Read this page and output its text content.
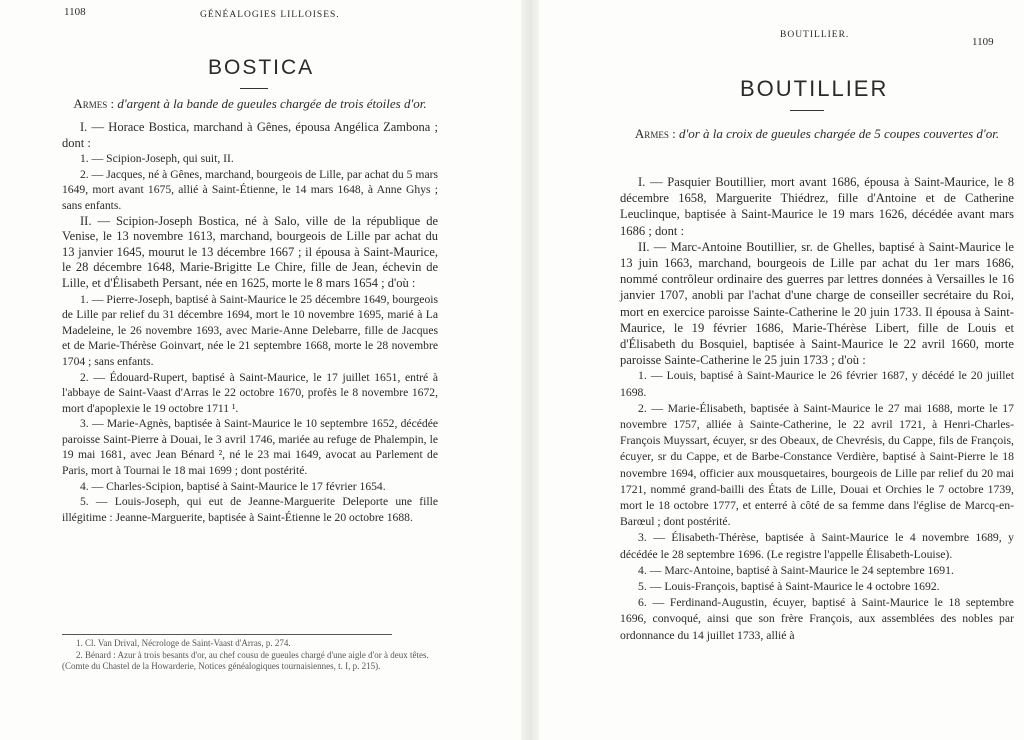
1108	GÉNÉALOGIES LILLOISES.
BOSTICA
Armes : d'argent à la bande de gueules chargée de trois étoiles d'or.

I. — Horace Bostica, marchand à Gênes, épousa Angélica Zambona ; dont :

1. — Scipion-Joseph, qui suit, II.

2. — Jacques, né à Gênes, marchand, bourgeois de Lille, par achat du 5 mars 1649, mort avant 1675, allié à Saint-Étienne, le 14 mars 1648, à Anne Ghys ; sans enfants.

II. — Scipion-Joseph Bostica, né à Salo, ville de la république de Venise, le 13 novembre 1613, marchand, bourgeois de Lille par achat du 13 janvier 1645, mourut le 13 décembre 1667 ; il épousa à Saint-Maurice, le 28 décembre 1648, Marie-Brigitte Le Chire, fille de Jean, échevin de Lille, et d'Élisabeth Persant, née en 1625, morte le 8 mars 1654 ; d'où :

1. — Pierre-Joseph, baptisé à Saint-Maurice le 25 décembre 1649, bourgeois de Lille par relief du 31 décembre 1694, mort le 10 novembre 1695, marié à La Madeleine, le 26 novembre 1693, avec Marie-Anne Delebarre, fille de Jacques et de Marie-Thérèse Goinvart, née le 21 septembre 1668, morte le 28 novembre 1704 ; sans enfants.

2. — Édouard-Rupert, baptisé à Saint-Maurice, le 17 juillet 1651, entré à l'abbaye de Saint-Vaast d'Arras le 22 octobre 1670, profès le 8 novembre 1672, mort d'apoplexie le 19 octobre 1711 ¹.

3. — Marie-Agnès, baptisée à Saint-Maurice le 10 septembre 1652, décédée paroisse Saint-Pierre à Douai, le 3 avril 1746, mariée au refuge de Phalempin, le 19 mai 1681, avec Jean Bénard ², né le 23 mai 1649, avocat au Parlement de Paris, mort à Tournai le 18 mai 1699 ; dont postérité.

4. — Charles-Scipion, baptisé à Saint-Maurice le 17 février 1654.

5. — Louis-Joseph, qui eut de Jeanne-Marguerite Deleporte une fille illégitime : Jeanne-Marguerite, baptisée à Saint-Étienne le 20 octobre 1688.

1. Cl. Van Drival, Nécrologe de Saint-Vaast d'Arras, p. 274.

2. Bénard : Azur à trois besants d'or, au chef cousu de gueules chargé d'une aigle d'or à deux têtes. (Comte du Chastel de la Howarderie, Notices généalogiques tournaisiennes, t. I, p. 215).

BOUTILLIER.
1109
BOUTILLIER
Armes : d'or à la croix de gueules chargée de 5 coupes couvertes d'or.

I. — Pasquier Boutillier, mort avant 1686, épousa à Saint-Maurice, le 8 décembre 1658, Marguerite Thiédrez, fille d'Antoine et de Catherine Leuclinque, baptisée à Saint-Maurice le 19 mars 1626, décédée avant mars 1686 ; dont :

II. — Marc-Antoine Boutillier, sr. de Ghelles, baptisé à Saint-Maurice le 13 juin 1663, marchand, bourgeois de Lille par achat du 1er mars 1686, nommé contrôleur ordinaire des guerres par lettres données à Versailles le 16 janvier 1707, anobli par l'achat d'une charge de conseiller secrétaire du Roi, mort en exercice paroisse Sainte-Catherine le 20 juin 1733. Il épousa à Saint-Maurice, le 19 février 1686, Marie-Thérèse Libert, fille de Louis et d'Élisabeth du Bosquiel, baptisée à Saint-Maurice le 22 avril 1660, morte paroisse Sainte-Catherine le 25 juin 1733 ; d'où :

1. — Louis, baptisé à Saint-Maurice le 26 février 1687, y décédé le 20 juillet 1698.

2. — Marie-Élisabeth, baptisée à Saint-Maurice le 27 mai 1688, morte le 17 novembre 1757, alliée à Sainte-Catherine, le 22 avril 1721, à Henri-Charles-François Muyssart, écuyer, sr des Obeaux, de Chevrésis, du Cappe, fils de François, écuyer, sr du Cappe, et de Barbe-Constance Verdière, baptisé à Saint-Pierre le 18 novembre 1694, officier aux mousquetaires, bourgeois de Lille par relief du 20 mai 1721, nommé grand-bailli des États de Lille, Douai et Orchies le 7 octobre 1739, mort le 18 octobre 1777, et enterré à côté de sa femme dans l'église de Marcq-en-Barœul ; dont postérité.

3. — Élisabeth-Thérèse, baptisée à Saint-Maurice le 4 novembre 1689, y décédée le 28 septembre 1696. (Le registre l'appelle Élisabeth-Louise).

4. — Marc-Antoine, baptisé à Saint-Maurice le 24 septembre 1691.

5. — Louis-François, baptisé à Saint-Maurice le 4 octobre 1692.

6. — Ferdinand-Augustin, écuyer, baptisé à Saint-Maurice le 18 septembre 1696, convoqué, ainsi que son frère François, aux assemblées des nobles par ordonnance du 14 juillet 1733, allié à
